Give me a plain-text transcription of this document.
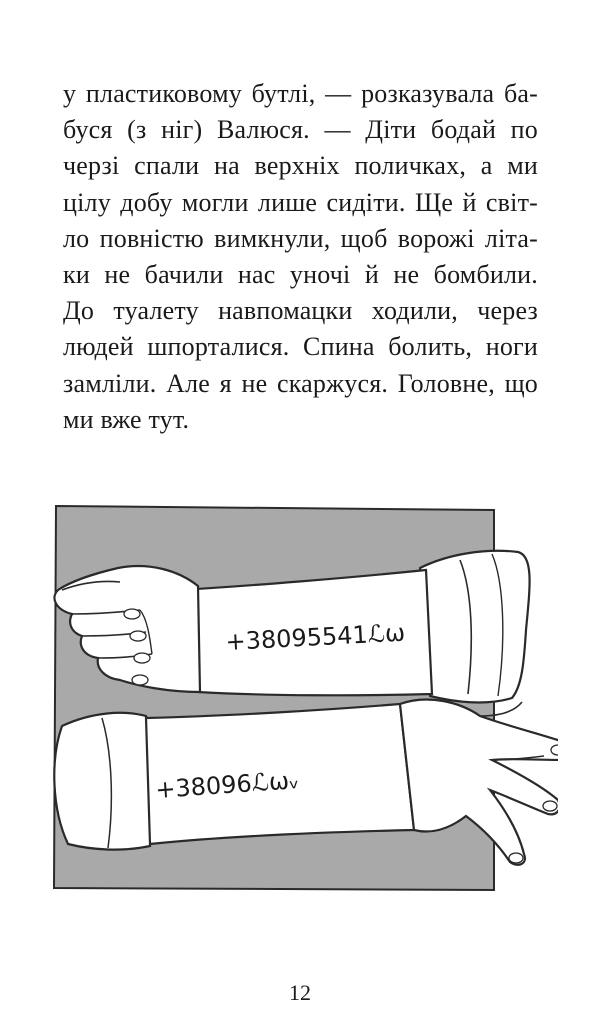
у пластиковому бутлі, — розказувала ба-
буся (з ніг) Валюся. — Діти бодай по
черзі спали на верхніх поличках, а ми
цілу добу могли лише сидіти. Ще й світ-
ло повністю вимкнули, щоб ворожі літа-
ки не бачили нас уночі й не бомбили.
До туалету навпомацки ходили, через
людей шпорталися. Спина болить, ноги
замліли. Але я не скаржуся. Головне, що
ми вже тут.
+38095541ℒω
+38096ℒωᵥ
12
